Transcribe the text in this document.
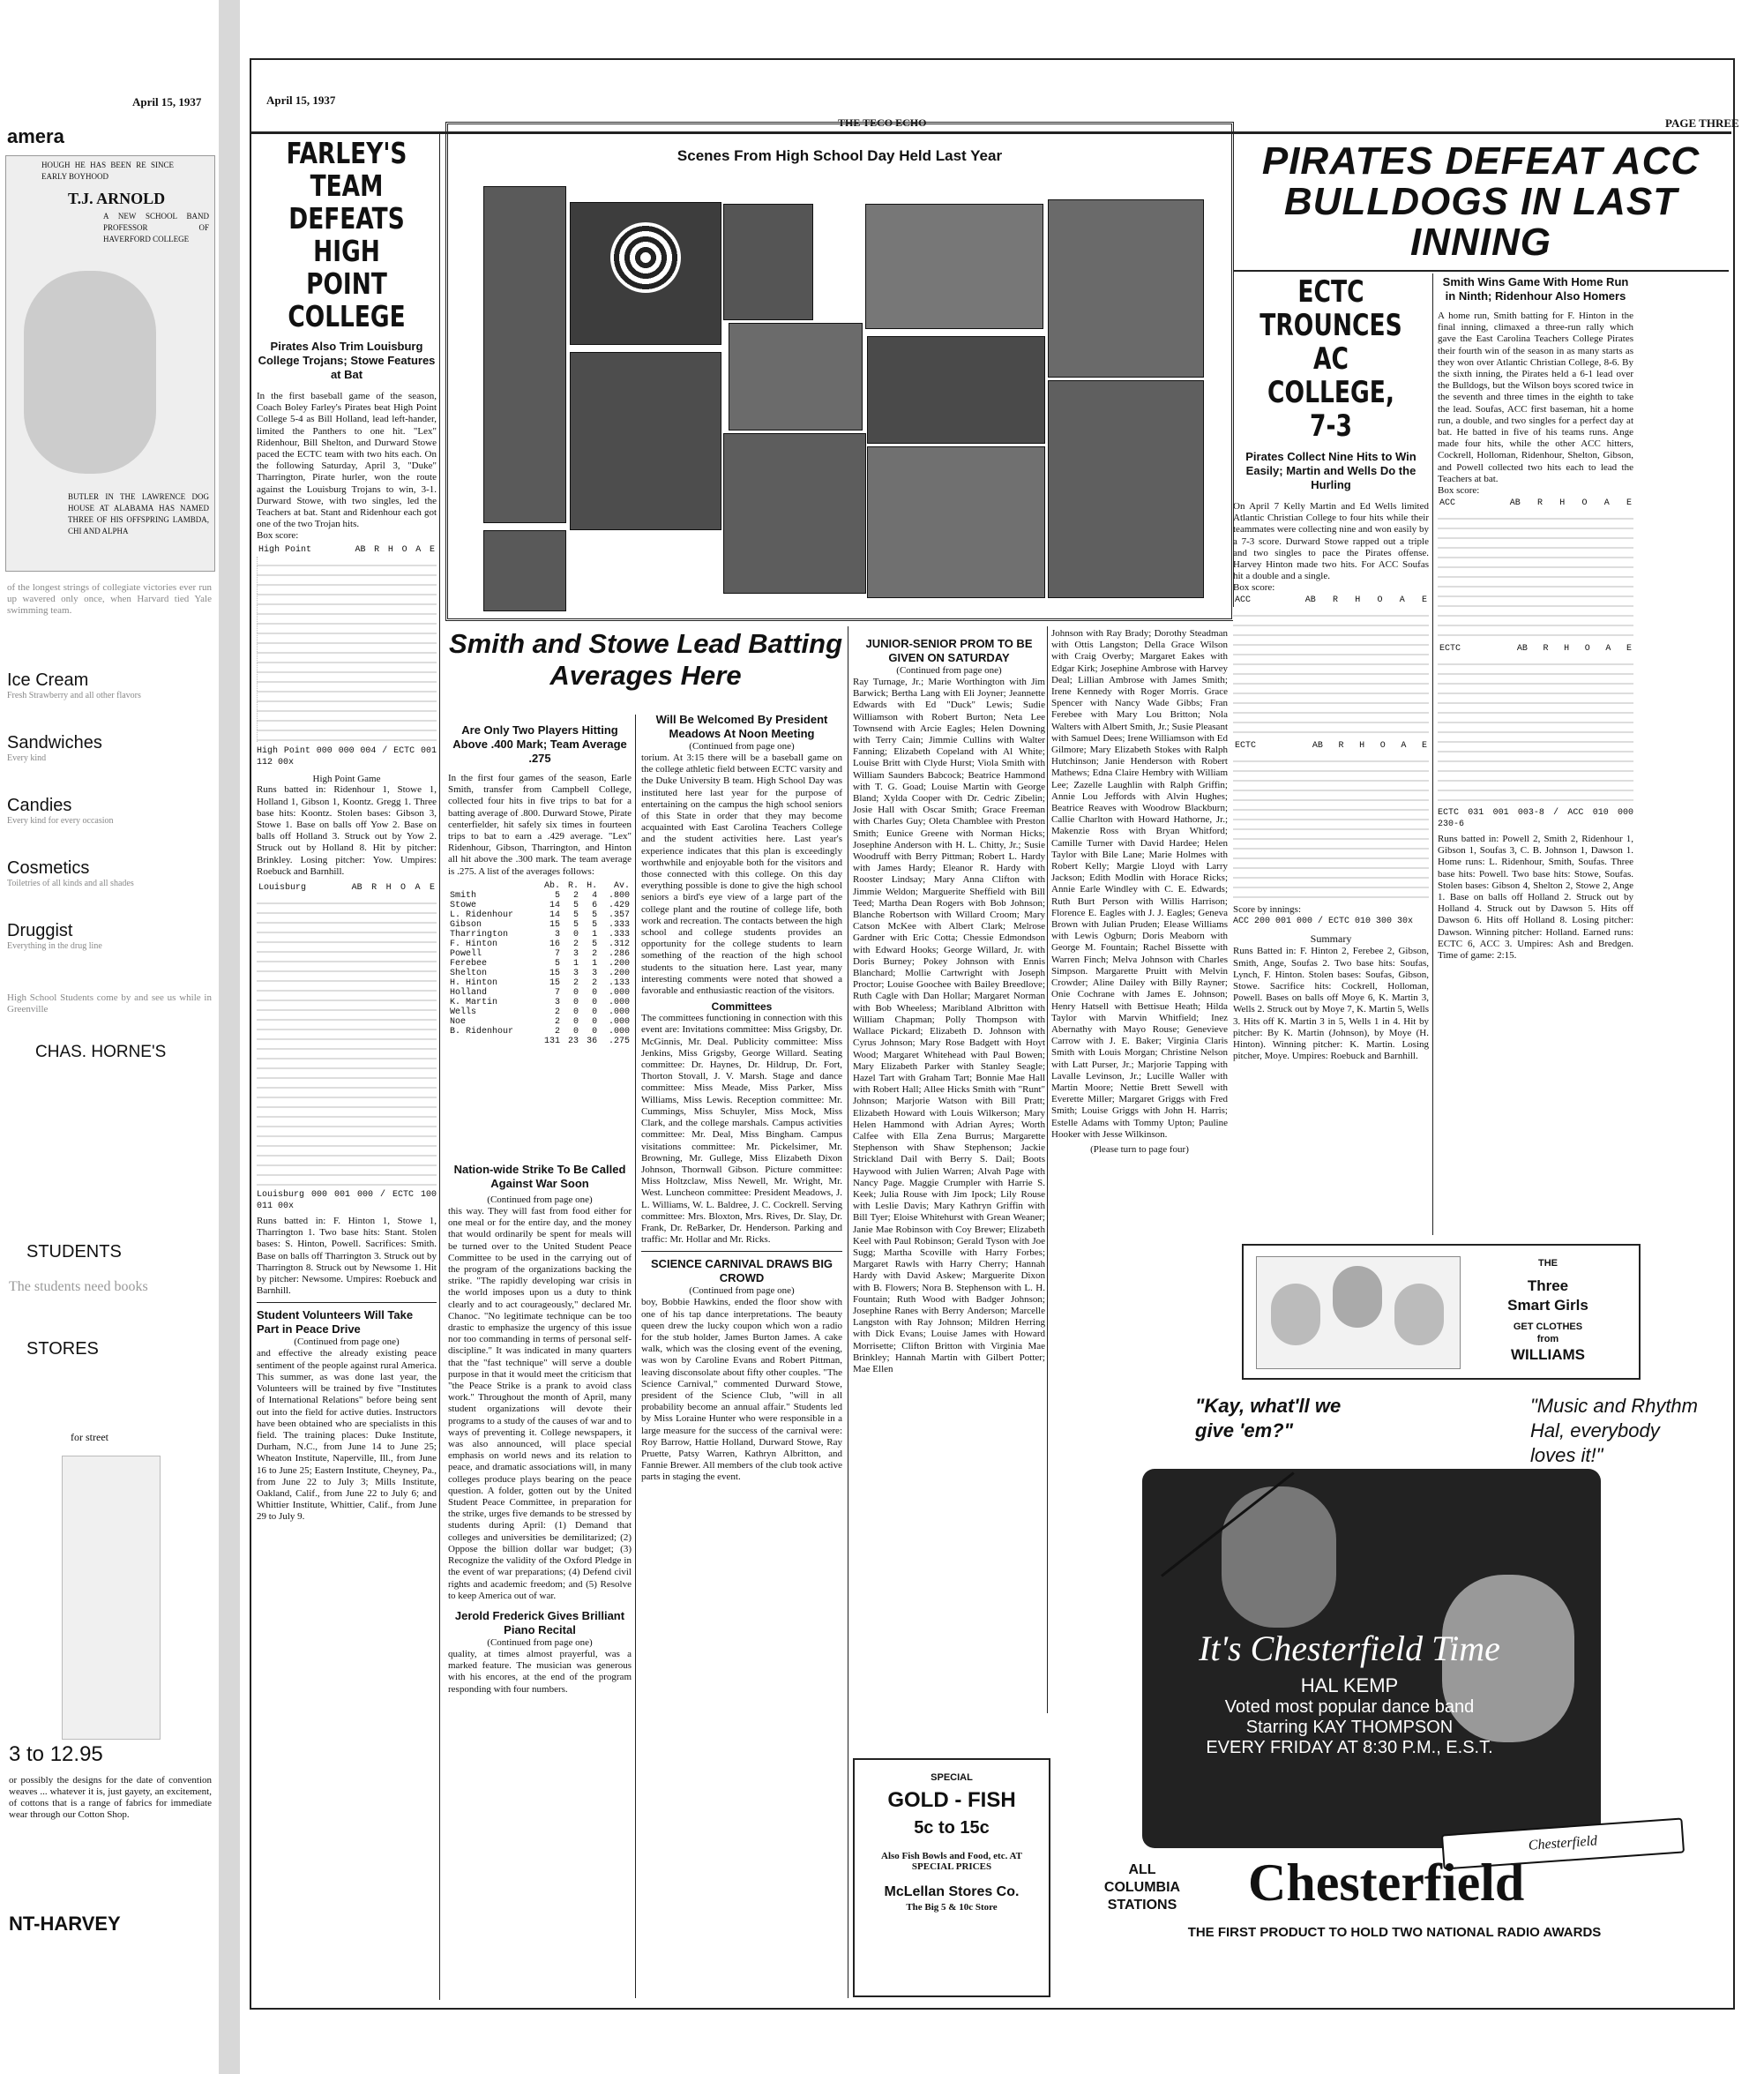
April 15, 1937
amera
HOUGH HE HAS BEEN RE SINCE EARLY BOYHOOD
T.J. ARNOLD
A NEW SCHOOL BAND PROFESSOR OF HAVERFORD COLLEGE
BUTLER IN THE LAWRENCE DOG HOUSE AT ALABAMA HAS NAMED THREE OF HIS OFFSPRING LAMBDA, CHI AND ALPHA
of the longest strings of collegiate victories ever run up wavered only once, when Harvard tied Yale swimming team.
Ice Cream
Fresh Strawberry and all other flavors
Sandwiches
Every kind
Candies
Every kind for every occasion
Cosmetics
Toiletries of all kinds and all shades
Druggist
Everything in the drug line
High School Students come by and see us while in Greenville
CHAS. HORNE'S
STUDENTS
The students need books
STORES
for street
3 to 12.95
or possibly the designs for the date of convention weaves ... whatever it is, just gayety, an excitement, of cottons that is a range of fabrics for immediate wear through our Cotton Shop.
NT-HARVEY
April 15, 1937
THE TECO ECHO	PAGE THREE
FARLEY'S TEAM DEFEATS HIGH POINT COLLEGE
Pirates Also Trim Louisburg College Trojans; Stowe Features at Bat

In the first baseball game of the season, Coach Boley Farley's Pirates beat High Point College 5-4 as Bill Holland, lead left-hander, limited the Panthers to one hit. "Lex" Ridenhour, Bill Shelton, and Durward Stowe paced the ECTC team with two hits each. On the following Saturday, April 3, "Duke" Tharrington, Pirate hurler, won the route against the Louisburg Trojans to win, 3-1. Durward Stowe, with two singles, led the Teachers at bat. Stant and Ridenhour each got one of the two Trojan hits.

Box score:
High Point	AB	R	H	O	A	E
High Point 000 000 004 / ECTC 001 112 00x
High Point Game

Runs batted in: Ridenhour 1, Stowe 1, Holland 1, Gibson 1, Koontz. Gregg 1. Three base hits: Koontz. Stolen bases: Gibson 3, Stowe 1. Base on balls off Yow 2. Base on balls off Holland 3. Struck out by Yow 2. Struck out by Holland 8. Hit by pitcher: Brinkley. Losing pitcher: Yow. Umpires: Roebuck and Barnhill.

Louisburg	AB	R	H	O	A	E
Louisburg 000 001 000 / ECTC 100 011 00x

Runs batted in: F. Hinton 1, Stowe 1, Tharrington 1. Two base hits: Stant. Stolen bases: S. Hinton, Powell. Sacrifices: Smith. Base on balls off Tharrington 3. Struck out by Tharrington 8. Struck out by Newsome 1. Hit by pitcher: Newsome. Umpires: Roebuck and Barnhill.

Student Volunteers Will Take Part in Peace Drive
(Continued from page one)

and effective the already existing peace sentiment of the people against rural America. This summer, as was done last year, the Volunteers will be trained by five "Institutes of International Relations" before being sent out into the field for active duties. Instructors have been obtained who are specialists in this field. The training places: Duke Institute, Durham, N.C., from June 14 to June 25; Wheaton Institute, Naperville, Ill., from June 16 to June 25; Eastern Institute, Cheyney, Pa., from June 22 to July 3; Mills Institute, Oakland, Calif., from June 22 to July 6; and Whittier Institute, Whittier, Calif., from June 29 to July 9.

Scenes From High School Day Held Last Year
Smith and Stowe Lead Batting Averages Here
Are Only Two Players Hitting Above .400 Mark; Team Average .275

In the first four games of the season, Earle Smith, transfer from Campbell College, collected four hits in five trips to bat for a batting average of .800. Durward Stowe, Pirate centerfielder, hit safely six times in fourteen trips to bat to earn a .429 average. "Lex" Ridenhour, Gibson, Tharrington, and Hinton all hit above the .300 mark. The team average is .275. A list of the averages follows:

	Ab.	R.	H.	Av.
Smith	5	2	4	.800
Stowe	14	5	6	.429
L. Ridenhour	14	5	5	.357
Gibson	15	5	5	.333
Tharrington	3	0	1	.333
F. Hinton	16	2	5	.312
Powell	7	3	2	.286
Ferebee	5	1	1	.200
Shelton	15	3	3	.200
H. Hinton	15	2	2	.133
Holland	7	0	0	.000
K. Martin	3	0	0	.000
Wells	2	0	0	.000
Noe	2	0	0	.000
B. Ridenhour	2	0	0	.000
	131	23	36	.275
Nation-wide Strike To Be Called Against War Soon
(Continued from page one)

this way. They will fast from food either for one meal or for the entire day, and the money that would ordinarily be spent for meals will be turned over to the United Student Peace Committee to be used in the carrying out of the program of the organizations backing the strike. "The rapidly developing war crisis in the world imposes upon us a duty to think clearly and to act courageously," declared Mr. Chanoc. "No legitimate technique can be too drastic to emphasize the urgency of this issue nor too commanding in terms of personal self-discipline." It was indicated in many quarters that the "fast technique" will serve a double purpose in that it would meet the criticism that "the Peace Strike is a prank to avoid class work." Throughout the month of April, many student organizations will devote their programs to a study of the causes of war and to ways of preventing it. College newspapers, it was also announced, will place special emphasis on world news and its relation to peace, and dramatic associations will, in many colleges produce plays bearing on the peace question. A folder, gotten out by the United Student Peace Committee, in preparation for the strike, urges five demands to be stressed by students during April: (1) Demand that colleges and universities be demilitarized; (2) Oppose the billion dollar war budget; (3) Recognize the validity of the Oxford Pledge in the event of war preparations; (4) Defend civil rights and academic freedom; and (5) Resolve to keep America out of war.

Jerold Frederick Gives Brilliant Piano Recital
(Continued from page one)

quality, at times almost prayerful, was a marked feature. The musician was generous with his encores, at the end of the program responding with four numbers.

Will Be Welcomed By President Meadows At Noon Meeting
(Continued from page one)

torium. At 3:15 there will be a baseball game on the college athletic field between ECTC varsity and the Duke University B team. High School Day was instituted here last year for the purpose of entertaining on the campus the high school seniors of this State in order that they may become acquainted with East Carolina Teachers College and the student activities here. Last year's experience indicates that this plan is exceedingly worthwhile and enjoyable both for the visitors and those connected with this college. On this day everything possible is done to give the high school seniors a bird's eye view of a large part of the college plant and the routine of college life, both work and recreation. The contacts between the high school and college students provides an opportunity for the college students to learn something of the reaction of the high school students to the situation here. Last year, many interesting comments were noted that showed a favorable and enthusiastic reaction of the visitors.

Committees

The committees functioning in connection with this event are: Invitations committee: Miss Grigsby, Dr. McGinnis, Mr. Deal. Publicity committee: Miss Jenkins, Miss Grigsby, George Willard. Seating committee: Dr. Haynes, Dr. Hildrup, Dr. Fort, Thorton Stovall, J. V. Marsh. Stage and dance committee: Miss Meade, Miss Parker, Miss Williams, Miss Lewis. Reception committee: Mr. Cummings, Miss Schuyler, Miss Mock, Miss Clark, and the college marshals. Campus activities committee: Mr. Deal, Miss Bingham. Campus visitations committee: Mr. Pickelsimer, Mr. Browning, Mr. Gullege, Miss Elizabeth Dixon Johnson, Thornwall Gibson. Picture committee: Miss Holtzclaw, Miss Newell, Mr. Wright, Mr. West. Luncheon committee: President Meadows, J. L. Williams, W. L. Baldree, J. C. Cockrell. Serving committee: Mrs. Bloxton, Mrs. Rives, Dr. Slay, Dr. Frank, Dr. ReBarker, Dr. Henderson. Parking and traffic: Mr. Hollar and Mr. Ricks.

SCIENCE CARNIVAL DRAWS BIG CROWD
(Continued from page one)

boy, Bobbie Hawkins, ended the floor show with one of his tap dance interpretations. The beauty queen drew the lucky coupon which won a radio for the stub holder, James Burton James. A cake walk, which was the closing event of the evening, was won by Caroline Evans and Robert Pittman, leaving disconsolate about fifty other couples. "The Science Carnival," commented Durward Stowe, president of the Science Club, "will in all probability become an annual affair." Students led by Miss Loraine Hunter who were responsible in a large measure for the success of the carnival were: Roy Barrow, Hattie Holland, Durward Stowe, Ray Pruette, Patsy Warren, Kathryn Albritton, and Fannie Brewer. All members of the club took active parts in staging the event.

JUNIOR-SENIOR PROM TO BE GIVEN ON SATURDAY
(Continued from page one)

Ray Turnage, Jr.; Marie Worthington with Jim Barwick; Bertha Lang with Eli Joyner; Jeannette Edwards with Ed "Duck" Lewis; Sudie Williamson with Robert Burton; Neta Lee Townsend with Arcie Eagles; Helen Downing with Terry Cain; Jimmie Cullins with Walter Fanning; Elizabeth Copeland with Al White; Louise Britt with Clyde Hurst; Viola Smith with William Saunders Babcock; Beatrice Hammond with T. G. Goad; Louise Martin with George Bland; Xylda Cooper with Dr. Cedric Zibelin; Josie Hall with Oscar Smith; Grace Freeman with Charles Guy; Oleta Chamblee with Preston Smith; Eunice Greene with Norman Hicks; Josephine Anderson with H. L. Chitty, Jr.; Susie Woodruff with Berry Pittman; Robert L. Hardy with James Hardy; Eleanor R. Hardy with Rooster Lindsay; Mary Anna Clifton with Jimmie Weldon; Marguerite Sheffield with Bill Teed; Martha Dean Rogers with Bob Johnson; Blanche Robertson with Willard Croom; Mary Catson McKee with Albert Clark; Melrose Gardner with Eric Cotta; Chessie Edmondson with Edward Hooks; George Willard, Jr. with Doris Burney; Pokey Johnson with Ennis Blanchard; Mollie Cartwright with Joseph Proctor; Louise Goochee with Bailey Breedlove; Ruth Cagle with Dan Hollar; Margaret Norman with Bob Wheeless; Maribland Albritton with William Chapman; Polly Thompson with Wallace Pickard; Elizabeth D. Johnson with Cyrus Johnson; Mary Rose Badgett with Hoyt Wood; Margaret Whitehead with Paul Bowen; Mary Elizabeth Parker with Stanley Seagle; Hazel Tart with Graham Tart; Bonnie Mae Hall with Robert Hall; Allee Hicks Smith with "Runt" Johnson; Marjorie Watson with Bill Pratt; Elizabeth Howard with Louis Wilkerson; Mary Helen Hammond with Adrian Ayres; Worth Calfee with Ella Zena Burrus; Margarette Stephenson with Shaw Stephenson; Jackie Strickland Dail with Berry S. Dail; Boots Haywood with Julien Warren; Alvah Page with Nancy Page. Maggie Crumpler with Harrie S. Keek; Julia Rouse with Jim Ipock; Lily Rouse with Leslie Davis; Mary Kathryn Griffin with Bill Tyer; Eloise Whitehurst with Grean Weaner; Janie Mae Robinson with Coy Brewer; Elizabeth Keel with Paul Robinson; Gerald Tyson with Joe Sugg; Martha Scoville with Harry Forbes; Margaret Rawls with Harry Cherry; Hannah Hardy with David Askew; Marguerite Dixon with B. Flowers; Nora B. Stephenson with L. H. Fountain; Ruth Wood with Badger Johnson; Josephine Ranes with Berry Anderson; Marcelle Langston with Ray Johnson; Mildren Herring with Dick Evans; Louise James with Howard Morrisette; Clifton Britton with Virginia Mae Brinkley; Hannah Martin with Gilbert Potter; Mae Ellen

Johnson with Ray Brady; Dorothy Steadman with Ottis Langston; Della Grace Wilson with Craig Overby; Margaret Eakes with Edgar Kirk; Josephine Ambrose with Harvey Deal; Lillian Ambrose with James Smith; Irene Kennedy with Roger Morris. Grace Spencer with Nancy Wade Gibbs; Fran Ferebee with Mary Lou Britton; Nola Walters with Albert Smith, Jr.; Susie Pleasant with Samuel Dees; Irene Williamson with Ed Gilmore; Mary Elizabeth Stokes with Ralph Hutchinson; Janie Henderson with Robert Mathews; Edna Claire Hembry with William Lee; Zazelle Laughlin with Ralph Griffin; Annie Lou Jeffords with Alvin Hughes; Beatrice Reaves with Woodrow Blackburn; Callie Charlton with Howard Hathorne, Jr.; Makenzie Ross with Bryan Whitford; Camille Turner with David Hardee; Helen Taylor with Bile Lane; Marie Holmes with Robert Kelly; Margie Lloyd with Larry Jackson; Edith Modlin with Horace Ricks; Annie Earle Windley with C. E. Edwards; Ruth Burt Person with Willis Harrison; Florence E. Eagles with J. J. Eagles; Geneva Brown with Julian Pruden; Elease Williams with Lewis Ogburn; Doris Meaborn with George M. Fountain; Rachel Bissette with Warren Finch; Melva Johnson with Charles Simpson. Margarette Pruitt with Melvin Crowder; Aline Dailey with Billy Rayner; Onie Cochrane with James E. Johnson; Henry Hatsell with Bettisue Heath; Hilda Taylor with Marvin Whitfield; Inez Abernathy with Mayo Rouse; Genevieve Carrow with J. E. Baker; Virginia Claris Smith with Louis Morgan; Christine Nelson with Latt Purser, Jr.; Marjorie Tapping with Lavalle Levinson, Jr.; Lucille Waller with Martin Moore; Nettie Brett Sewell with Everette Miller; Margaret Griggs with Fred Smith; Louise Griggs with John H. Harris; Estelle Adams with Tommy Upton; Pauline Hooker with Jesse Wilkinson.

(Please turn to page four)
SPECIAL
GOLD - FISH
5c to 15c
Also Fish Bowls and Food, etc. AT SPECIAL PRICES
McLellan Stores Co.
The Big 5 & 10c Store
PIRATES DEFEAT ACC BULLDOGS IN LAST INNING
ECTC TROUNCES AC COLLEGE, 7-3
Pirates Collect Nine Hits to Win Easily; Martin and Wells Do the Hurling

On April 7 Kelly Martin and Ed Wells limited Atlantic Christian College to four hits while their teammates were collecting nine and won easily by a 7-3 score. Durward Stowe rapped out a triple and two singles to pace the Pirates offense. Harvey Hinton made two hits. For ACC Soufas hit a double and a single.

Box score:
ACC	AB	R	H	O	A	E
ECTC	AB	R	H	O	A	E
Score by innings:
ACC 200 001 000 / ECTC 010 300 30x
Summary

Runs Batted in: F. Hinton 2, Ferebee 2, Gibson, Smith, Ange, Soufas 2. Two base hits: Soufas, Lynch, F. Hinton. Stolen bases: Soufas, Gibson, Stowe. Sacrifice hits: Cockrell, Holloman, Powell. Bases on balls off Moye 6, K. Martin 3, Wells 2. Struck out by Moye 7, K. Martin 5, Wells 3. Hits off K. Martin 3 in 5, Wells 1 in 4. Hit by pitcher: By K. Martin (Johnson), by Moye (H. Hinton). Winning pitcher: K. Martin. Losing pitcher, Moye. Umpires: Roebuck and Barnhill.

Smith Wins Game With Home Run in Ninth; Ridenhour Also Homers

A home run, Smith batting for F. Hinton in the final inning, climaxed a three-run rally which gave the East Carolina Teachers College Pirates their fourth win of the season in as many starts as they won over Atlantic Christian College, 8-6. By the sixth inning, the Pirates held a 6-1 lead over the Bulldogs, but the Wilson boys scored twice in the seventh and three times in the eighth to take the lead. Soufas, ACC first baseman, hit a home run, a double, and two singles for a perfect day at bat. He batted in five of his teams runs. Ange made four hits, while the other ACC hitters, Cockrell, Holloman, Ridenhour, Shelton, Gibson, and Powell collected two hits each to lead the Teachers at bat.

Box score:
ACC	AB	R	H	O	A	E
ECTC	AB	R	H	O	A	E
ECTC 031 001 003-8 / ACC 010 000 230-6

Runs batted in: Powell 2, Smith 2, Ridenhour 1, Gibson 1, Soufas 3, C. B. Johnson 1, Dawson 1. Home runs: L. Ridenhour, Smith, Soufas. Three base hits: Powell. Two base hits: Stowe, Soufas. Stolen bases: Gibson 4, Shelton 2, Stowe 2, Ange 1. Base on balls off Holland 2. Struck out by Holland 4. Struck out by Dawson 5. Hits off Dawson 6. Hits off Holland 8. Losing pitcher: Dawson. Winning pitcher: Holland. Earned runs: ECTC 6, ACC 3. Umpires: Ash and Bredgen. Time of game: 2:15.

THE
Three
Smart Girls
GET CLOTHES
from
WILLIAMS
"Kay, what'll we give 'em?"
"Music and Rhythm Hal, everybody loves it!"
It's Chesterfield Time
HAL KEMP
Voted most popular dance band
Starring KAY THOMPSON
EVERY FRIDAY AT 8:30 P.M., E.S.T.
Chesterfield
ALL COLUMBIA STATIONS	Chesterfield
THE FIRST PRODUCT TO HOLD TWO NATIONAL RADIO AWARDS
